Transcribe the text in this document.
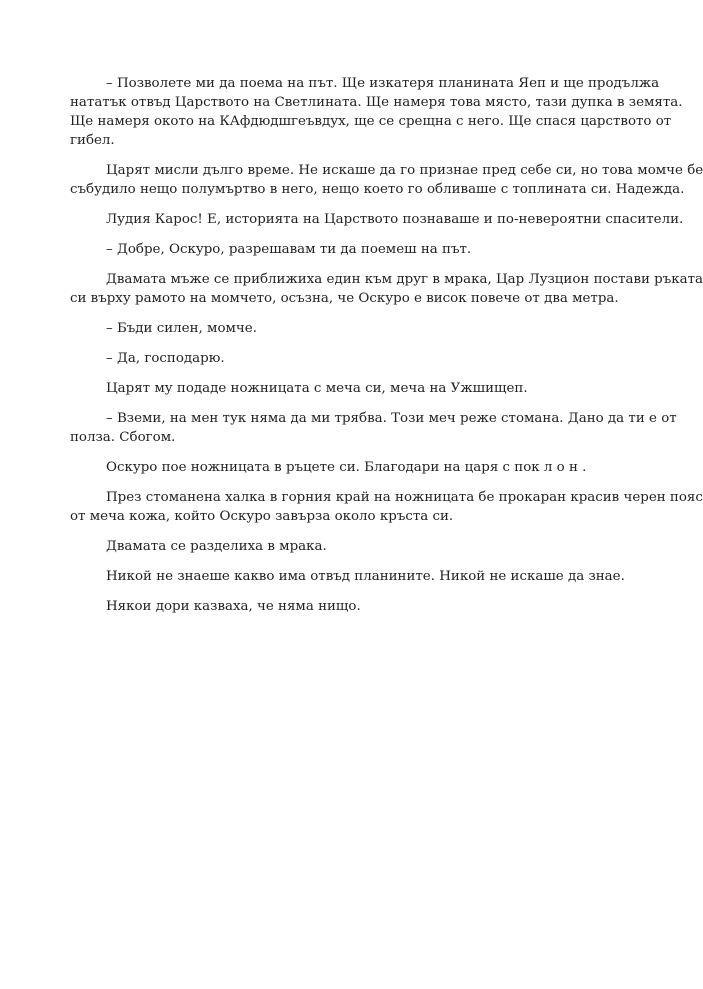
– Позволете ми да поема на път. Ще изкатеря планината Яеп и ще продължа
нататък отвъд Царството на Светлината. Ще намеря това място, тази дупка в земята.
Ще намеря окото на КАфдюдшгеъвдух, ще се срещна с него. Ще спася царството от
гибел.

Царят мисли дълго време. Не искаше да го признае пред себе си, но това момче бе
събудило нещо полумъртво в него, нещо което го обливаше с топлината си. Надежда.

Лудия Карос! Е, историята на Царството познаваше и по-невероятни спасители.

– Добре, Оскуро, разрешавам ти да поемеш на път.

Двамата мъже се приближиха един към друг в мрака, Цар Лузцион постави ръката
си върху рамото на момчето, осъзна, че Оскуро е висок повече от два метра.

– Бъди силен, момче.

– Да, господарю.

Царят му подаде ножницата с меча си, меча на Ужшищеп.

– Вземи, на мен тук няма да ми трябва. Този меч реже стомана. Дано да ти е от
полза. Сбогом.

Оскуро пое ножницата в ръцете си. Благодари на царя с пок л о н .

През стоманена халка в горния край на ножницата бе прокаран красив черен пояс
от меча кожа, който Оскуро завърза около кръста си.

Двамата се разделиха в мрака.

Никой не знаеше какво има отвъд планините. Никой не искаше да знае.

Някои дори казваха, че няма нищо.
